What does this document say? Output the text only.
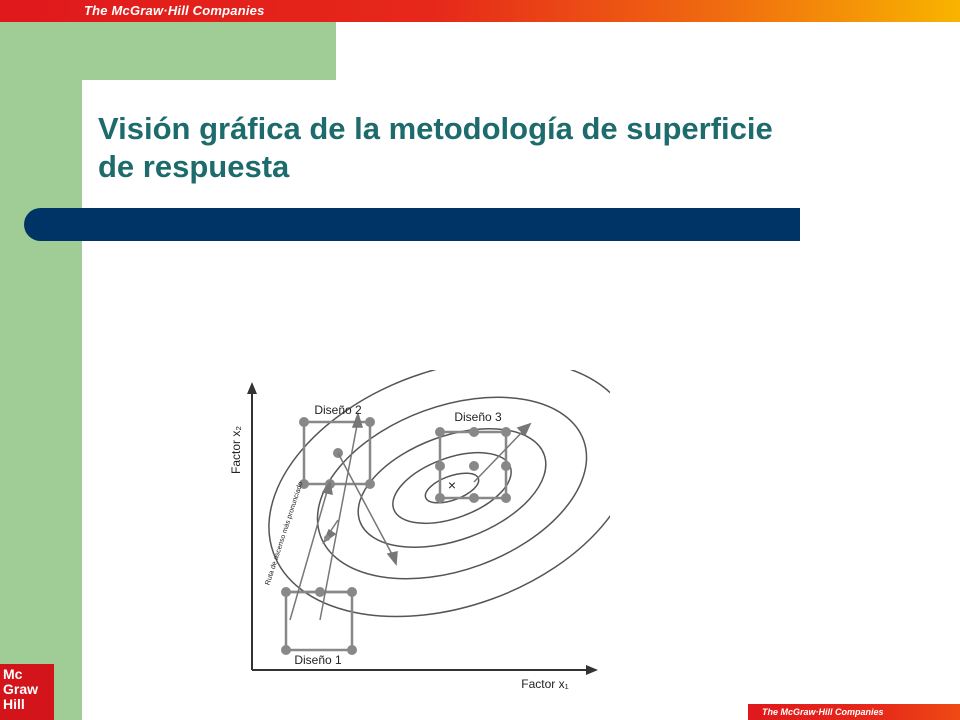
The McGraw·Hill Companies
Visión gráfica de la metodología de superficie de respuesta
×
Factor x₂
Factor x₁
Diseño 1
Diseño 2	Diseño 3
Ruta de ascenso más pronunciado
Mc
Graw
Hill	The McGraw·Hill Companies
